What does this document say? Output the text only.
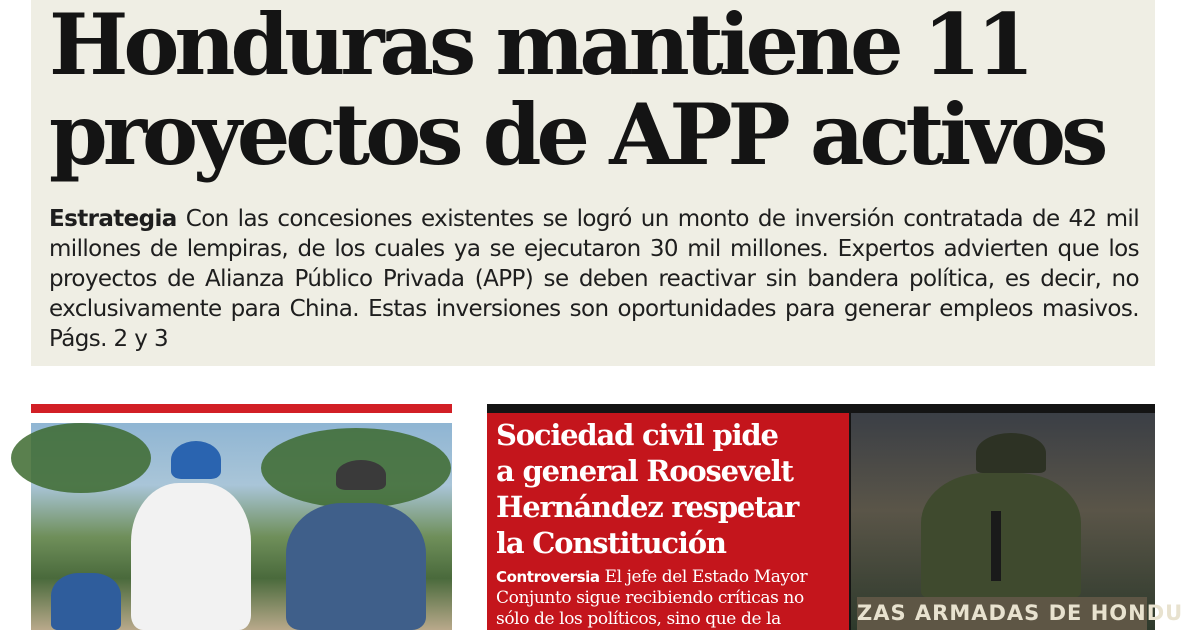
Honduras mantiene 11
proyectos de APP activos

Estrategia Con las concesiones existentes se logró un monto de inversión contratada de 42 mil millones de lempiras, de los cuales ya se ejecutaron 30 mil millones. Expertos advierten que los proyectos de Alianza Público Privada (APP) se deben reactivar sin bandera política, es decir, no exclusivamente para China. Estas inversiones son oportunidades para generar empleos masivos. Págs. 2 y 3

Sociedad civil pide
a general Roosevelt
Hernández respetar
la Constitución

Controversia El jefe del Estado Mayor Conjunto sigue recibiendo críticas no sólo de los políticos, sino que de la	ZAS ARMADAS DE HONDU
